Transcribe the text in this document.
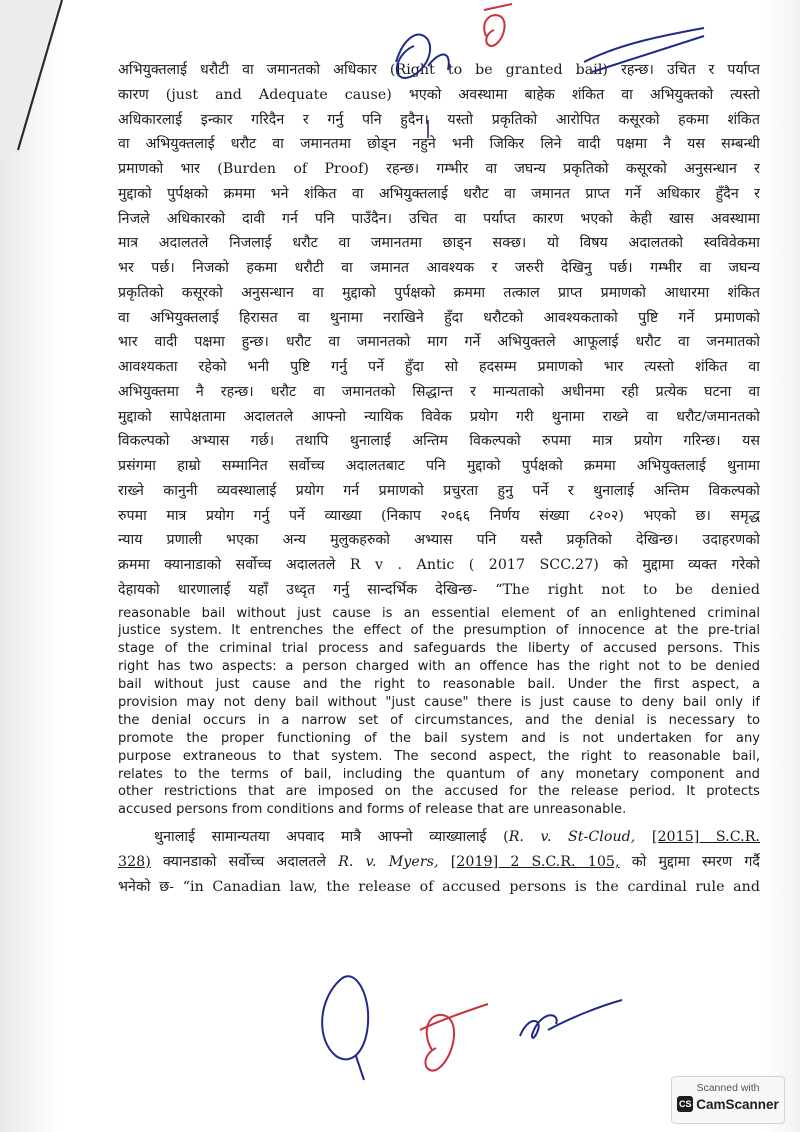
अभियुक्तलाई धरौटी वा जमानतको अधिकार (Right to be granted bail) रहन्छ। उचित र पर्याप्त
कारण (just and Adequate cause) भएको अवस्थामा बाहेक शंकित वा अभियुक्तको त्यस्तो
अधिकारलाई इन्कार गरिदैन र गर्नु पनि हुदैन। यस्तो प्रकृतिको आरोपित कसूरको हकमा शंकित
वा अभियुक्तलाई धरौट वा जमानतमा छोड्न नहुने भनी जिकिर लिने वादी पक्षमा नै यस सम्बन्धी
प्रमाणको भार (Burden of Proof) रहन्छ। गम्भीर वा जघन्य प्रकृतिको कसूरको अनुसन्धान र
मुद्दाको पुर्पक्षको क्रममा भने शंकित वा अभियुक्तलाई धरौट वा जमानत प्राप्त गर्ने अधिकार हुँदैन र
निजले अधिकारको दावी गर्न पनि पाउँदैन। उचित वा पर्याप्त कारण भएको केही खास अवस्थामा
मात्र अदालतले निजलाई धरौट वा जमानतमा छाड्न सक्छ। यो विषय अदालतको स्वविवेकमा
भर पर्छ। निजको हकमा धरौटी वा जमानत आवश्यक र जरुरी देखिनु पर्छ। गम्भीर वा जघन्य
प्रकृतिको कसूरको अनुसन्धान वा मुद्दाको पुर्पक्षको क्रममा तत्काल प्राप्त प्रमाणको आधारमा शंकित
वा अभियुक्तलाई हिरासत वा थुनामा नराखिने हुँदा धरौटको आवश्यकताको पुष्टि गर्ने प्रमाणको
भार वादी पक्षमा हुन्छ। धरौट वा जमानतको माग गर्ने अभियुक्तले आफूलाई धरौट वा जनमातको
आवश्यकता रहेको भनी पुष्टि गर्नु पर्ने हुँदा सो हदसम्म प्रमाणको भार त्यस्तो शंकित वा
अभियुक्तमा नै रहन्छ। धरौट वा जमानतको सिद्धान्त र मान्यताको अधीनमा रही प्रत्येक घटना वा
मुद्दाको सापेक्षतामा अदालतले आफ्नो न्यायिक विवेक प्रयोग गरी थुनामा राख्ने वा धरौट/जमानतको
विकल्पको अभ्यास गर्छ। तथापि थुनालाई अन्तिम विकल्पको रुपमा मात्र प्रयोग गरिन्छ। यस
प्रसंगमा हाम्रो सम्मानित सर्वोच्च अदालतबाट पनि मुद्दाको पुर्पक्षको क्रममा अभियुक्तलाई थुनामा
राख्ने कानुनी व्यवस्थालाई प्रयोग गर्न प्रमाणको प्रचुरता हुनु पर्ने र थुनालाई अन्तिम विकल्पको
रुपमा मात्र प्रयोग गर्नु पर्ने व्याख्या (निकाप २०६६ निर्णय संख्या ८२०२) भएको छ। समृद्ध
न्याय प्रणाली भएका अन्य मुलुकहरुको अभ्यास पनि यस्तै प्रकृतिको देखिन्छ। उदाहरणको
क्रममा क्यानाडाको सर्वोच्च अदालतले R v . Antic ( 2017 SCC.27) को मुद्दामा व्यक्त गरेको
देहायको धारणालाई यहाँ उध्दृत गर्नु सान्दर्भिक देखिन्छ- “The right not to be denied
reasonable bail without just cause is an essential element of an enlightened criminal
justice system. It entrenches the effect of the presumption of innocence at the pre-trial
stage of the criminal trial process and safeguards the liberty of accused persons. This
right has two aspects: a person charged with an offence has the right not to be denied
bail without just cause and the right to reasonable bail. Under the first aspect, a
provision may not deny bail without "just cause" there is just cause to deny bail only if
the denial occurs in a narrow set of circumstances, and the denial is necessary to
promote the proper functioning of the bail system and is not undertaken for any
purpose extraneous to that system. The second aspect, the right to reasonable bail,
relates to the terms of bail, including the quantum of any monetary component and
other restrictions that are imposed on the accused for the release period. It protects
accused persons from conditions and forms of release that are unreasonable.
थुनालाई सामान्यतया अपवाद मात्रै आफ्नो व्याख्यालाई (R. v. St-Cloud, [2015] S.C.R.
328) क्यानडाको सर्वोच्च अदालतले R. v. Myers, [2019] 2 S.C.R. 105, को मुद्दामा स्मरण गर्दै
भनेको छ- “in Canadian law, the release of accused persons is the cardinal rule and
Scanned with
CS CamScanner
